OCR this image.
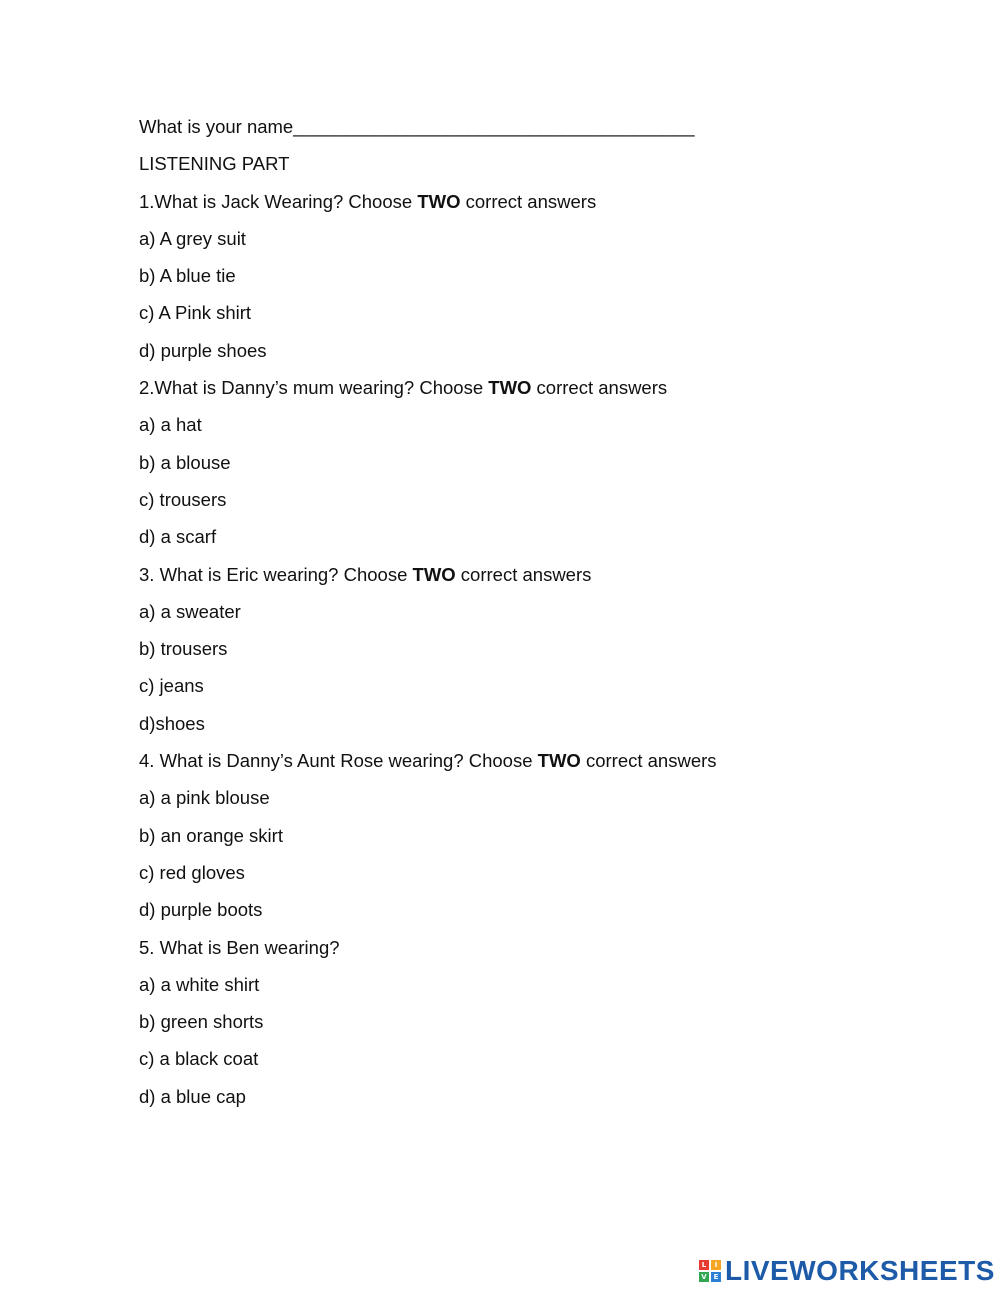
What is your name_______________________________________
LISTENING PART
1.What is Jack Wearing? Choose TWO correct answers
a) A grey suit
b) A blue tie
c) A Pink shirt
d) purple shoes
2.What is Danny’s mum wearing? Choose TWO correct answers
a) a hat
b) a blouse
c) trousers
d) a scarf
3. What is Eric wearing? Choose TWO correct answers
a) a sweater
b) trousers
c) jeans
d)shoes
4. What is Danny’s Aunt Rose wearing? Choose TWO correct answers
a) a pink blouse
b) an orange skirt
c) red gloves
d) purple boots
5. What is Ben wearing?
a) a white shirt
b) green shorts
c) a black coat
d) a blue cap
L	I
V E LIVEWORKSHEETS
